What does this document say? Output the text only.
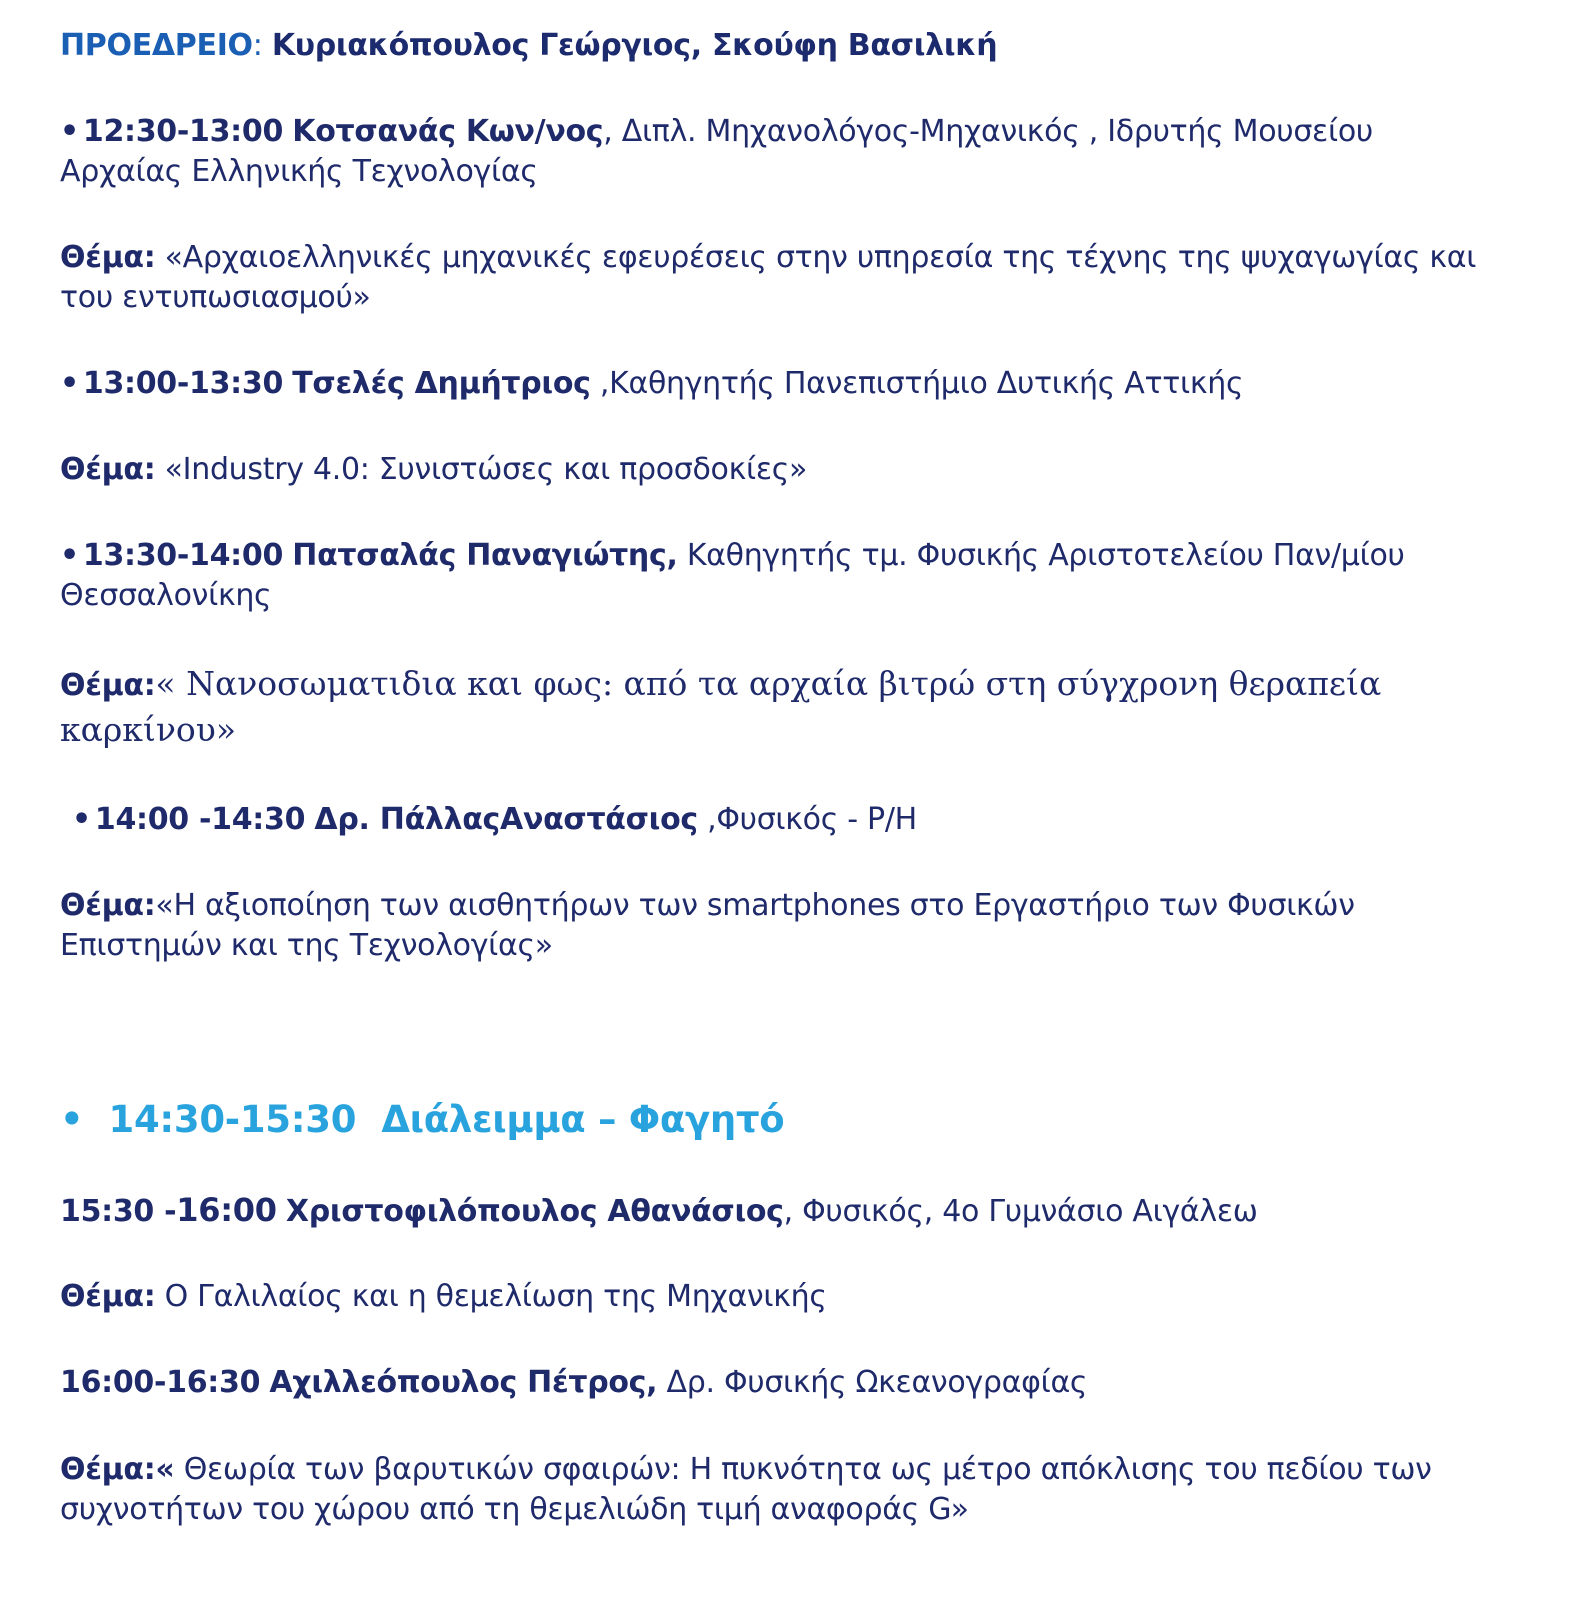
ΠΡΟΕΔΡΕΙΟ: Κυριακόπουλος Γεώργιος, Σκούφη Βασιλική
• 12:30-13:00 Κοτσανάς Κων/νος, Διπλ. Μηχανολόγος-Μηχανικός , Ιδρυτής Μουσείου
Αρχαίας Ελληνικής Τεχνολογίας
Θέμα: «Αρχαιοελληνικές μηχανικές εφευρέσεις στην υπηρεσία της τέχνης της ψυχαγωγίας και
του εντυπωσιασμού»
• 13:00-13:30 Τσελές Δημήτριος ,Καθηγητής Πανεπιστήμιο Δυτικής Αττικής
Θέμα: «Industry 4.0: Συνιστώσες και προσδοκίες»
• 13:30-14:00 Πατσαλάς Παναγιώτης, Καθηγητής τμ. Φυσικής Αριστοτελείου Παν/μίου
Θεσσαλονίκης
Θέμα:« Νανοσωματιδια και φως: από τα αρχαία βιτρώ στη σύγχρονη θεραπεία
καρκίνου»
• 14:00 -14:30 Δρ. ΠάλλαςΑναστάσιος ,Φυσικός - Ρ/Η
Θέμα:«Η αξιοποίηση των αισθητήρων των smartphones στο Εργαστήριο των Φυσικών
Επιστημών και της Τεχνολογίας»
• 14:30-15:30 Διάλειμμα – Φαγητό
15:30 -16:00 Χριστοφιλόπουλος Αθανάσιος, Φυσικός, 4ο Γυμνάσιο Αιγάλεω
Θέμα: Ο Γαλιλαίος και η θεμελίωση της Μηχανικής
16:00-16:30 Αχιλλεόπουλος Πέτρος, Δρ. Φυσικής Ωκεανογραφίας
Θέμα:« Θεωρία των βαρυτικών σφαιρών: Η πυκνότητα ως μέτρο απόκλισης του πεδίου των
συχνοτήτων του χώρου από τη θεμελιώδη τιμή αναφοράς G»
